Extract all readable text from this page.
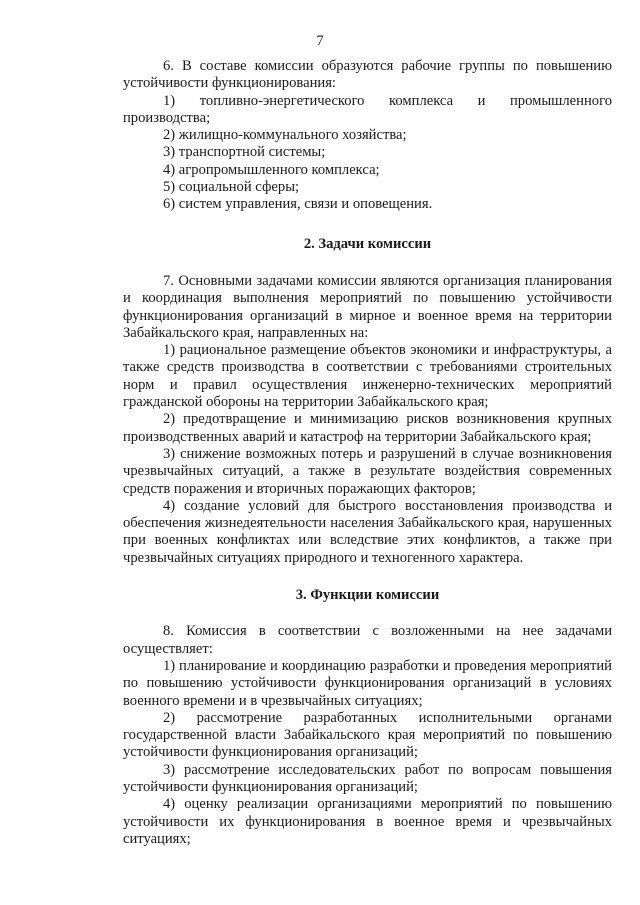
7

6. В составе комиссии образуются рабочие группы по повышению устойчивости функционирования:

1) топливно-энергетического комплекса и промышленного производства;

2) жилищно-коммунального хозяйства;

3) транспортной системы;

4) агропромышленного комплекса;

5) социальной сферы;

6) систем управления, связи и оповещения.

2. Задачи комиссии

7. Основными задачами комиссии являются организация планирования и координация выполнения мероприятий по повышению устойчивости функционирования организаций в мирное и военное время на территории Забайкальского края, направленных на:

1) рациональное размещение объектов экономики и инфраструктуры, а также средств производства в соответствии с требованиями строительных норм и правил осуществления инженерно-технических мероприятий гражданской обороны на территории Забайкальского края;

2) предотвращение и минимизацию рисков возникновения крупных производственных аварий и катастроф на территории Забайкальского края;

3) снижение возможных потерь и разрушений в случае возникновения чрезвычайных ситуаций, а также в результате воздействия современных средств поражения и вторичных поражающих факторов;

4) создание условий для быстрого восстановления производства и обеспечения жизнедеятельности населения Забайкальского края, нарушенных при военных конфликтах или вследствие этих конфликтов, а также при чрезвычайных ситуациях природного и техногенного характера.

3. Функции комиссии

8. Комиссия в соответствии с возложенными на нее задачами осуществляет:

1) планирование и координацию разработки и проведения мероприятий по повышению устойчивости функционирования организаций в условиях военного времени и в чрезвычайных ситуациях;

2) рассмотрение разработанных исполнительными органами государственной власти Забайкальского края мероприятий по повышению устойчивости функционирования организаций;

3) рассмотрение исследовательских работ по вопросам повышения устойчивости функционирования организаций;

4) оценку реализации организациями мероприятий по повышению устойчивости их функционирования в военное время и чрезвычайных ситуациях;
